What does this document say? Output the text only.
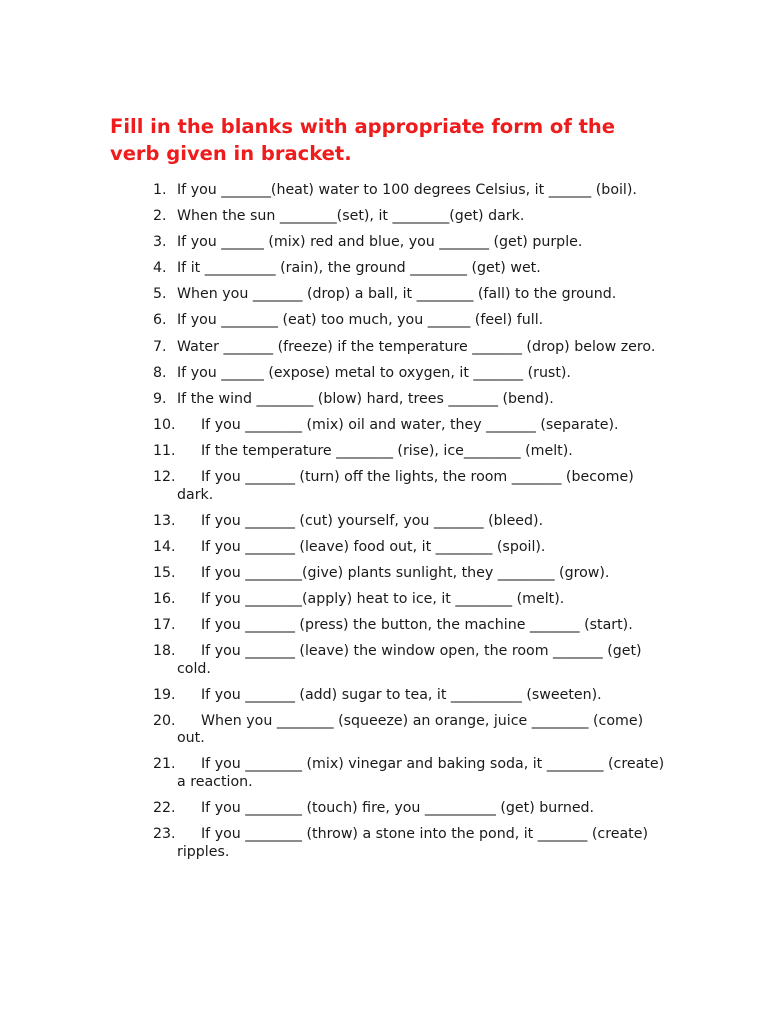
Fill in the blanks with appropriate form of the verb given in bracket.
1. If you _______(heat) water to 100 degrees Celsius, it ______ (boil).
2. When the sun ________(set), it ________(get) dark.
3. If you ______ (mix) red and blue, you _______ (get) purple.
4. If it __________ (rain), the ground ________ (get) wet.
5. When you _______ (drop) a ball, it ________ (fall) to the ground.
6. If you ________ (eat) too much, you ______ (feel) full.
7. Water _______ (freeze) if the temperature _______ (drop) below zero.
8. If you ______ (expose) metal to oxygen, it _______ (rust).
9. If the wind ________ (blow) hard, trees _______ (bend).
10. If you ________ (mix) oil and water, they _______ (separate).
11. If the temperature ________ (rise), ice________ (melt).
12. If you _______ (turn) off the lights, the room _______ (become) dark.
13. If you _______ (cut) yourself, you _______ (bleed).
14. If you _______ (leave) food out, it ________ (spoil).
15. If you ________(give) plants sunlight, they ________ (grow).
16. If you ________(apply) heat to ice, it ________ (melt).
17. If you _______ (press) the button, the machine _______ (start).
18. If you _______ (leave) the window open, the room _______ (get) cold.
19. If you _______ (add) sugar to tea, it __________ (sweeten).
20. When you ________ (squeeze) an orange, juice ________ (come) out.
21. If you ________ (mix) vinegar and baking soda, it ________ (create) a reaction.
22. If you ________ (touch) fire, you __________ (get) burned.
23. If you ________ (throw) a stone into the pond, it _______ (create) ripples.
